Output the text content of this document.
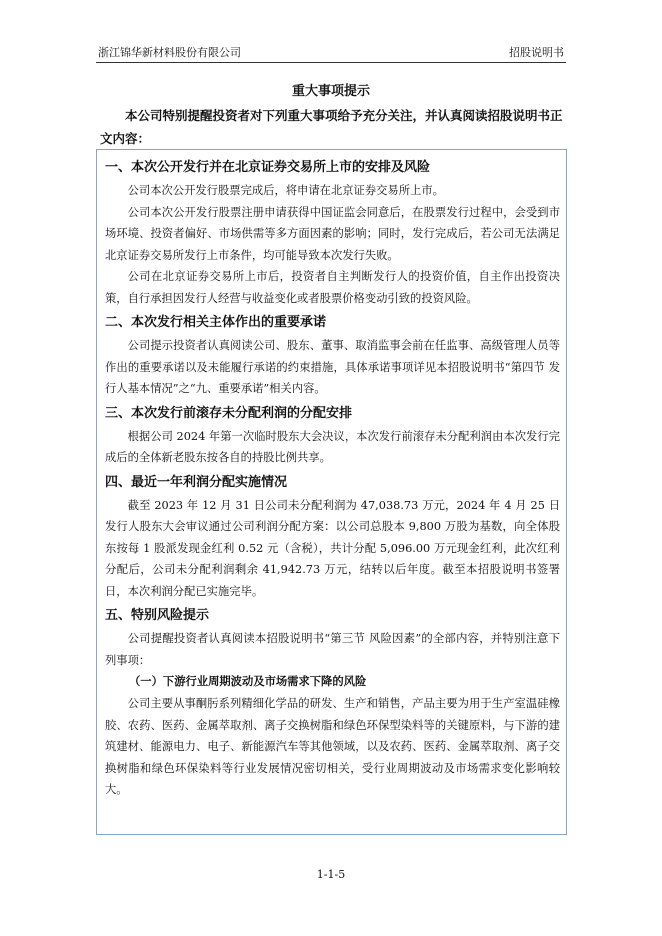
浙江锦华新材料股份有限公司	招股说明书
重大事项提示
本公司特别提醒投资者对下列重大事项给予充分关注，并认真阅读招股说明书正文内容：
一、本次公开发行并在北京证券交易所上市的安排及风险

公司本次公开发行股票完成后，将申请在北京证券交易所上市。

公司本次公开发行股票注册申请获得中国证监会同意后，在股票发行过程中，会受到市场环境、投资者偏好、市场供需等多方面因素的影响；同时，发行完成后，若公司无法满足北京证券交易所发行上市条件，均可能导致本次发行失败。

公司在北京证券交易所上市后，投资者自主判断发行人的投资价值，自主作出投资决策，自行承担因发行人经营与收益变化或者股票价格变动引致的投资风险。

二、本次发行相关主体作出的重要承诺

公司提示投资者认真阅读公司、股东、董事、取消监事会前在任监事、高级管理人员等作出的重要承诺以及未能履行承诺的约束措施，具体承诺事项详见本招股说明书“第四节 发行人基本情况”之“九、重要承诺”相关内容。

三、本次发行前滚存未分配利润的分配安排

根据公司 2024 年第一次临时股东大会决议，本次发行前滚存未分配利润由本次发行完成后的全体新老股东按各自的持股比例共享。

四、最近一年利润分配实施情况

截至 2023 年 12 月 31 日公司未分配利润为 47,038.73 万元，2024 年 4 月 25 日发行人股东大会审议通过公司利润分配方案：以公司总股本 9,800 万股为基数，向全体股东按每 1 股派发现金红利 0.52 元（含税），共计分配 5,096.00 万元现金红利，此次红利分配后，公司未分配利润剩余 41,942.73 万元，结转以后年度。截至本招股说明书签署日，本次利润分配已实施完毕。

五、特别风险提示

公司提醒投资者认真阅读本招股说明书“第三节 风险因素”的全部内容，并特别注意下列事项：

（一）下游行业周期波动及市场需求下降的风险

公司主要从事酮肟系列精细化学品的研发、生产和销售，产品主要为用于生产室温硅橡胶、农药、医药、金属萃取剂、离子交换树脂和绿色环保型染料等的关键原料，与下游的建筑建材、能源电力、电子、新能源汽车等其他领域，以及农药、医药、金属萃取剂、离子交换树脂和绿色环保染料等行业发展情况密切相关，受行业周期波动及市场需求变化影响较大。

1-1-5
